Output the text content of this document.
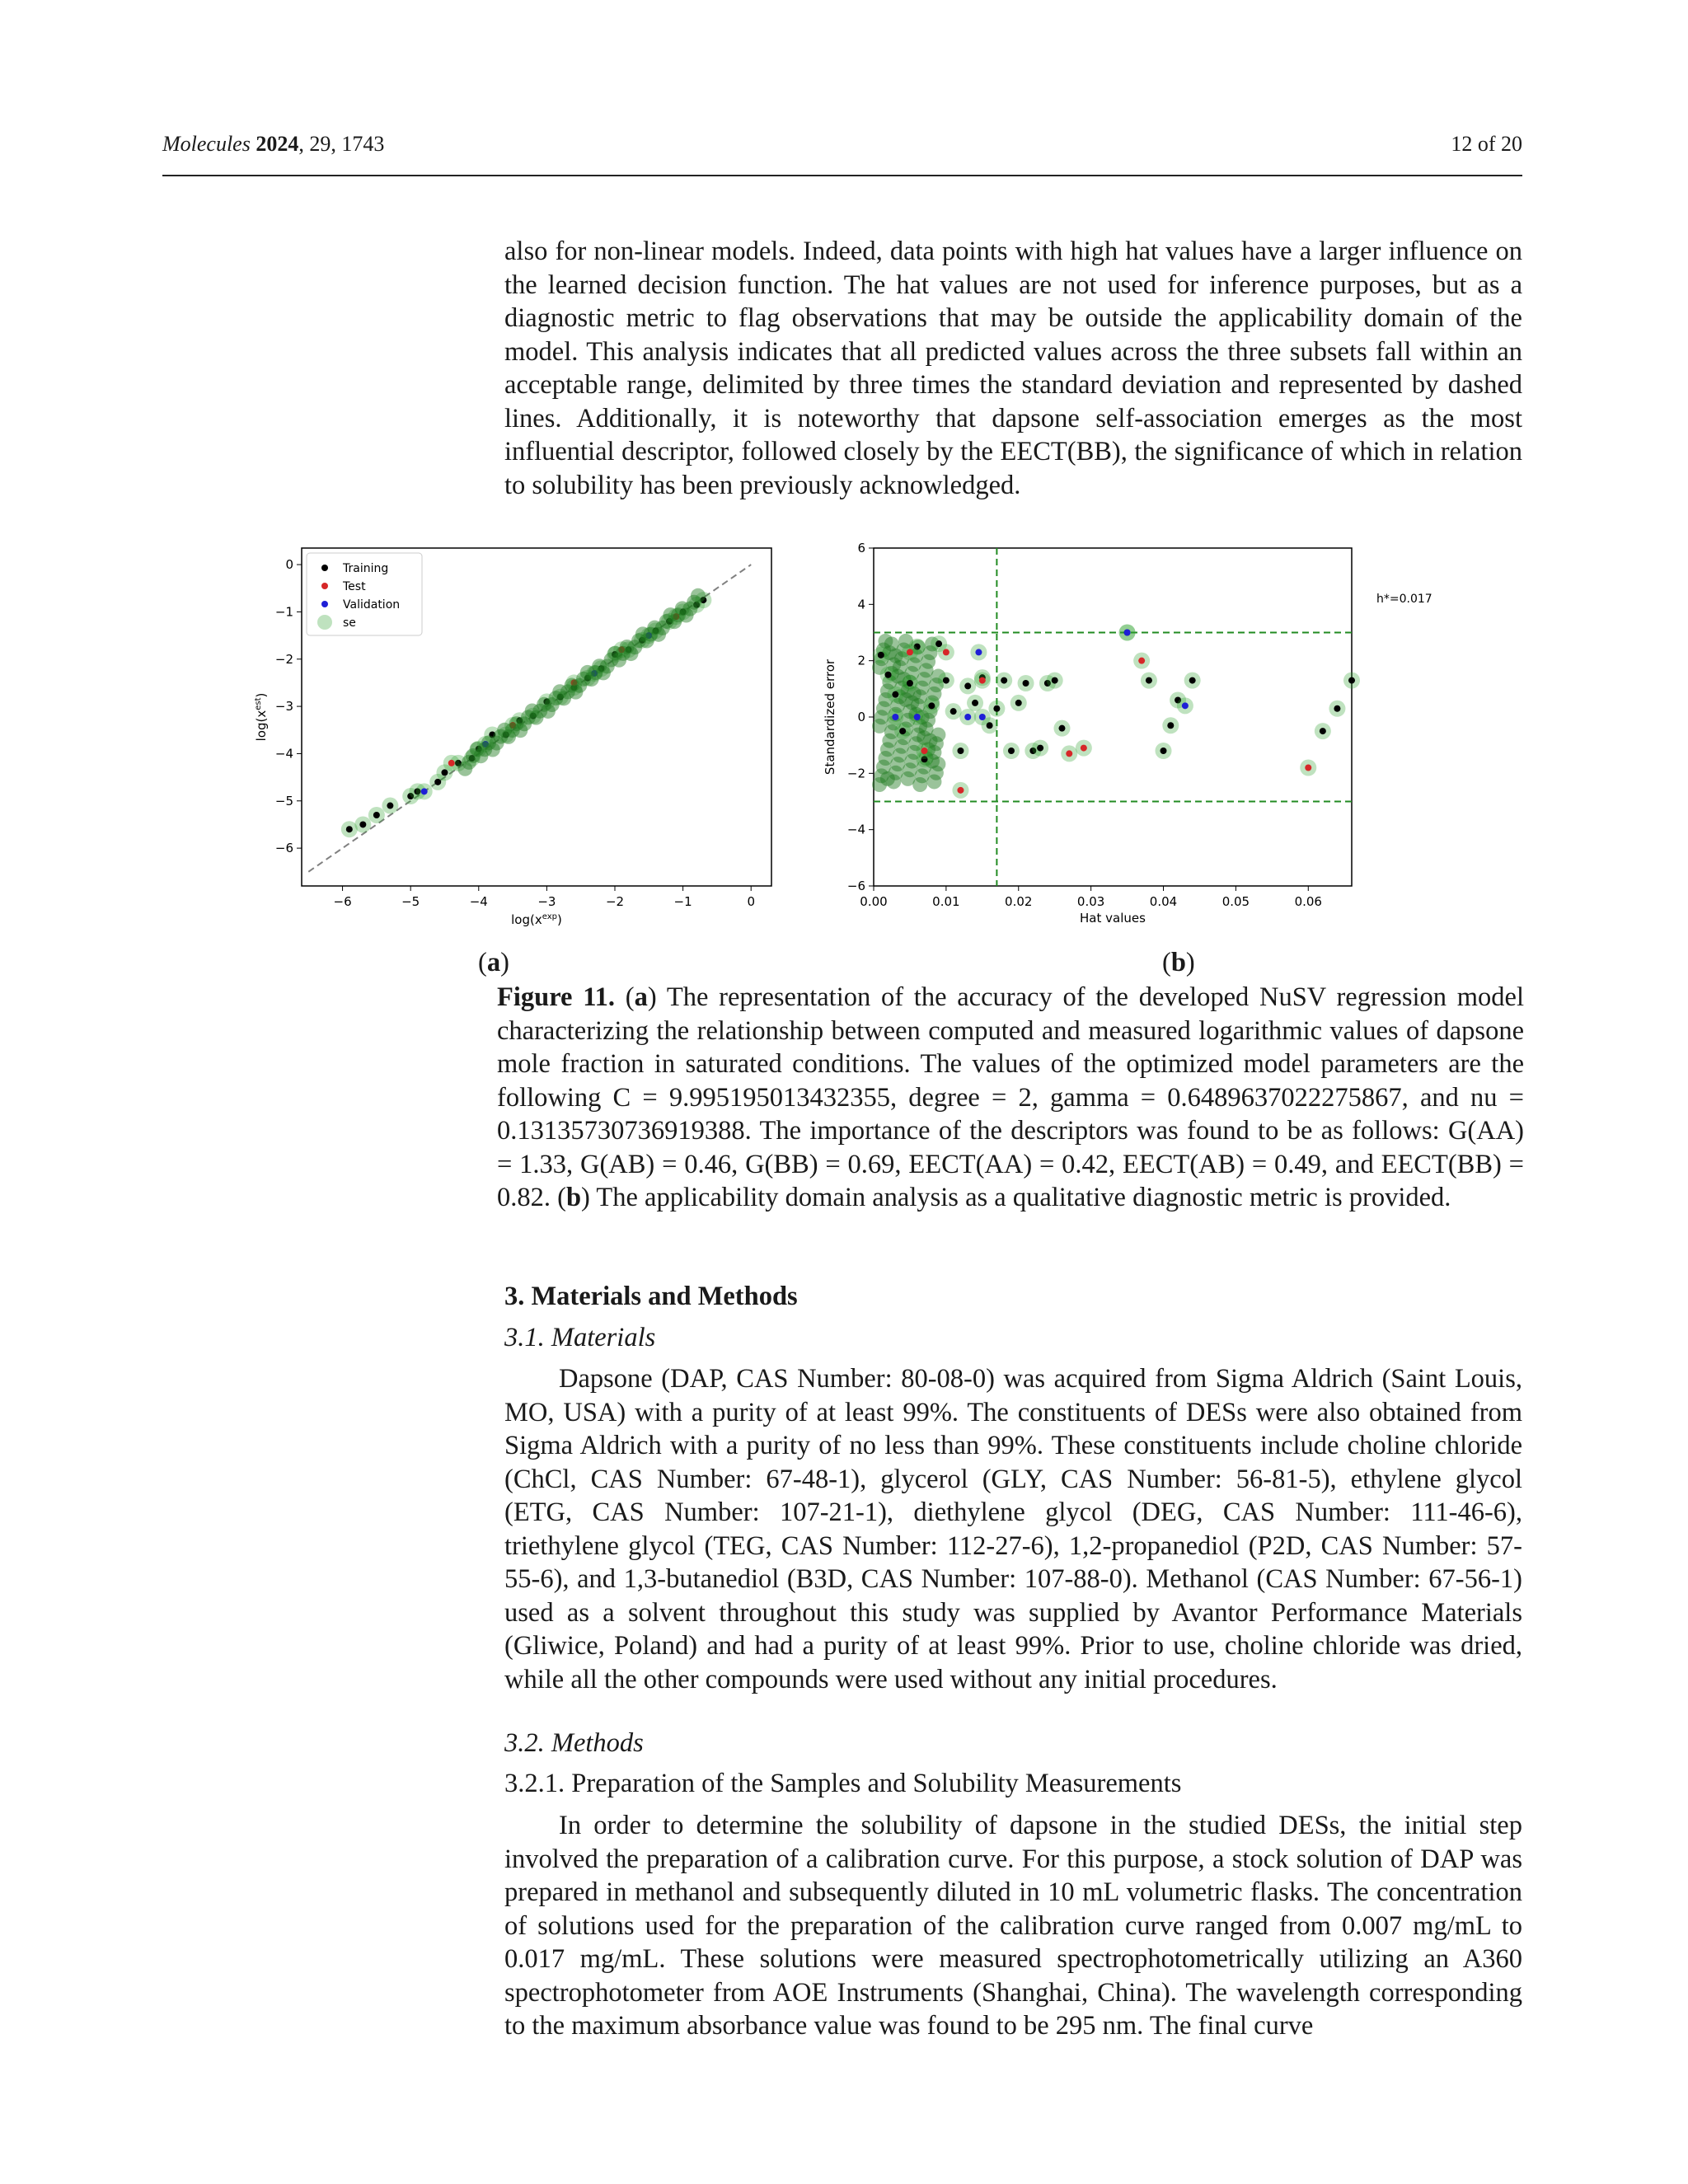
Molecules 2024, 29, 1743	12 of 20
also for non-linear models. Indeed, data points with high hat values have a larger influence on the learned decision function. The hat values are not used for inference purposes, but as a diagnostic metric to flag observations that may be outside the applicability domain of the model. This analysis indicates that all predicted values across the three subsets fall within an acceptable range, delimited by three times the standard deviation and represented by dashed lines. Additionally, it is noteworthy that dapsone self-association emerges as the most influential descriptor, followed closely by the EECT(BB), the significance of which in relation to solubility has been previously acknowledged.
−6	−5	−4	−3	−2	−1	0
0
−1
−2
−3
−4
−5
−6
$\log(x^{exp})$
$\log(x^{est})$
Training
Test
Validation
se
0.00	0.01	0.02	0.03	0.04	0.05	0.06
6
4
2
0
−2
−4
−6
Hat values
Standardized error
h*=0.017
(a)	(b)
Figure 11. (a) The representation of the accuracy of the developed NuSV regression model characterizing the relationship between computed and measured logarithmic values of dapsone mole fraction in saturated conditions. The values of the optimized model parameters are the following C = 9.995195013432355, degree = 2, gamma = 0.6489637022275867, and nu = 0.13135730736919388. The importance of the descriptors was found to be as follows: G(AA) = 1.33, G(AB) = 0.46, G(BB) = 0.69, EECT(AA) = 0.42, EECT(AB) = 0.49, and EECT(BB) = 0.82. (b) The applicability domain analysis as a qualitative diagnostic metric is provided.
3. Materials and Methods
3.1. Materials
Dapsone (DAP, CAS Number: 80-08-0) was acquired from Sigma Aldrich (Saint Louis, MO, USA) with a purity of at least 99%. The constituents of DESs were also obtained from Sigma Aldrich with a purity of no less than 99%. These constituents include choline chloride (ChCl, CAS Number: 67-48-1), glycerol (GLY, CAS Number: 56-81-5), ethylene glycol (ETG, CAS Number: 107-21-1), diethylene glycol (DEG, CAS Number: 111-46-6), triethylene glycol (TEG, CAS Number: 112-27-6), 1,2-propanediol (P2D, CAS Number: 57-55-6), and 1,3-butanediol (B3D, CAS Number: 107-88-0). Methanol (CAS Number: 67-56-1) used as a solvent throughout this study was supplied by Avantor Performance Materials (Gliwice, Poland) and had a purity of at least 99%. Prior to use, choline chloride was dried, while all the other compounds were used without any initial procedures.
3.2. Methods
3.2.1. Preparation of the Samples and Solubility Measurements
In order to determine the solubility of dapsone in the studied DESs, the initial step involved the preparation of a calibration curve. For this purpose, a stock solution of DAP was prepared in methanol and subsequently diluted in 10 mL volumetric flasks. The concentration of solutions used for the preparation of the calibration curve ranged from 0.007 mg/mL to 0.017 mg/mL. These solutions were measured spectrophotometrically utilizing an A360 spectrophotometer from AOE Instruments (Shanghai, China). The wavelength corresponding to the maximum absorbance value was found to be 295 nm. The final curve
